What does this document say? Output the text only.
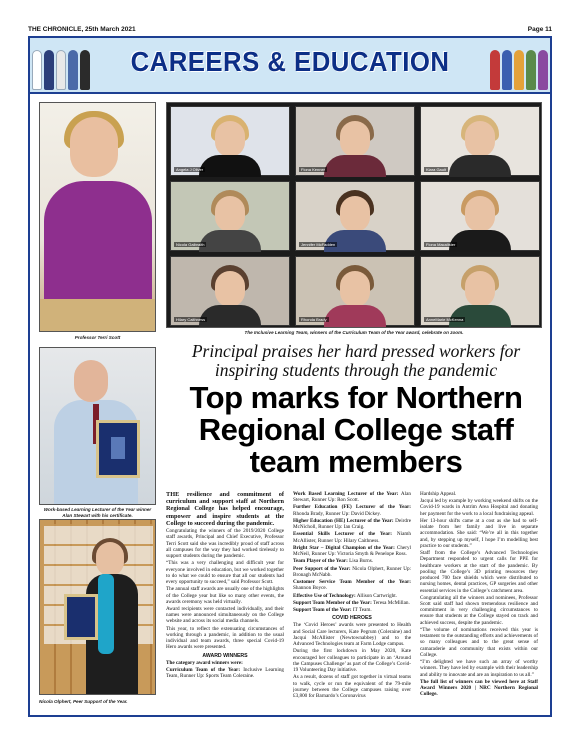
THE CHRONICLE, 25th March 2021	Page 11
CAREERS & EDUCATION
Professor Terri Scott
Angela J Oliver	Fiona Kenner	Kiara Gault
Nicola Galbraith	Jennifer McFadden	Fiona Macalister
Hilary Caithness	Rhonda Brady	AnneMarie McKenna
The Inclusive Learning Team, winners of the Curriculum Team of the Year award, celebrate on zoom.
Work-based Learning Lecturer of the Year winner Alan Stewart with his certificate.
Nicola Olphert, Peer Support of the Year.
Principal praises her hard pressed workers for inspiring students through the pandemic
Top marks for Northern Regional College staff team members

THE resilience and commitment of curriculum and support staff at Northern Regional College has helped encourage, empower and inspire students at the College to succeed during the pandemic.

Congratulating the winners of the 2019/2020 College staff awards, Principal and Chief Executive, Professor Terri Scott said she was incredibly proud of staff across all campuses for the way they had worked tirelessly to support students during the pandemic.

“This was a very challenging and difficult year for everyone involved in education, but we worked together to do what we could to ensure that all our students had every opportunity to succeed,” said Professor Scott.

The annual staff awards are usually one of the highlights of the College year but like so many other events, the awards ceremony was held virtually.

Award recipients were contacted individually, and their names were announced simultaneously on the College website and across its social media channels.

This year, to reflect the extenuating circumstances of working through a pandemic, in addition to the usual individual and team awards, three special Covid-19 Hero awards were presented.

AWARD WINNERS

The category award winners were:

Curriculum Team of the Year: Inclusive Learning Team, Runner Up: Sports Team Coleraine.

Work Based Learning Lecturer of the Year: Alan Stewart, Runner Up: Ron Scott.

Further Education (FE) Lecturer of the Year: Rhonda Brady, Runner Up: David Dickey.

Higher Education (HE) Lecturer of the Year: Deirdre McNicholl, Runner Up: Ian Craig.

Essential Skills Lecturer of the Year: Niamh McAllister, Runner Up: Hilary Caithness.

Bright Star – Digital Champion of the Year: Cheryl McNeil, Runner Up: Victoria Smyth & Penelope Ross.

Team Player of the Year: Lisa Burns.

Peer Support of the Year: Nicola Olphert, Runner Up: Bronagh McNabb.

Customer Service Team Member of the Year: Shannon Boyce.

Effective Use of Technology: Allison Cartwright.

Support Team Member of the Year: Teresa McMillan.

Support Team of the Year: IT Team.

COVID HEROES

The ‘Covid Heroes’ awards were presented to Health and Social Care lecturers, Kate Pegrum (Coleraine) and Jacqui McAllister (Newtownabbey) and to the Advanced Technologies team at Farm Lodge campus.

During the first lockdown in May 2020, Kate encouraged her colleagues to participate in an ‘Around the Campuses Challenge’ as part of the College’s Covid-19 Volunteering Day initiative.

As a result, dozens of staff got together in virtual teams to walk, cycle or run the equivalent of the 79-mile journey between the College campuses raising over £3,800 for Barnardo’s Coronavirus

Hardship Appeal.

Jacqui led by example by working weekend shifts on the Covid-19 wards in Antrim Area Hospital and donating her payment for the work to a local fundraising appeal.

Her 13-hour shifts came at a cost as she had to self-isolate from her family and live in separate accommodation. She said: “We’re all in this together and, by stepping up myself, I hope I’m modelling best practice to our students.”

Staff from the College’s Advanced Technologies Department responded to urgent calls for PPE for healthcare workers at the start of the pandemic. By pooling the College’s 3D printing resources they produced 700 face shields which were distributed to nursing homes, dental practices, GP surgeries and other essential services in the College’s catchment area.

Congratulating all the winners and nominees, Professor Scott said staff had shown tremendous resilience and commitment in very challenging circumstances to ensure that students at the College stayed on track and achieved success, despite the pandemic.

“The volume of nominations received this year is testament to the outstanding efforts and achievements of so many colleagues and to the great sense of camaraderie and community that exists within our College.

“I’m delighted we have such an array of worthy winners. They have led by example with their leadership and ability to innovate and are an inspiration to us all.”

The full list of winners can be viewed here at Staff Award Winners 2020 | NRC Northern Regional College.
